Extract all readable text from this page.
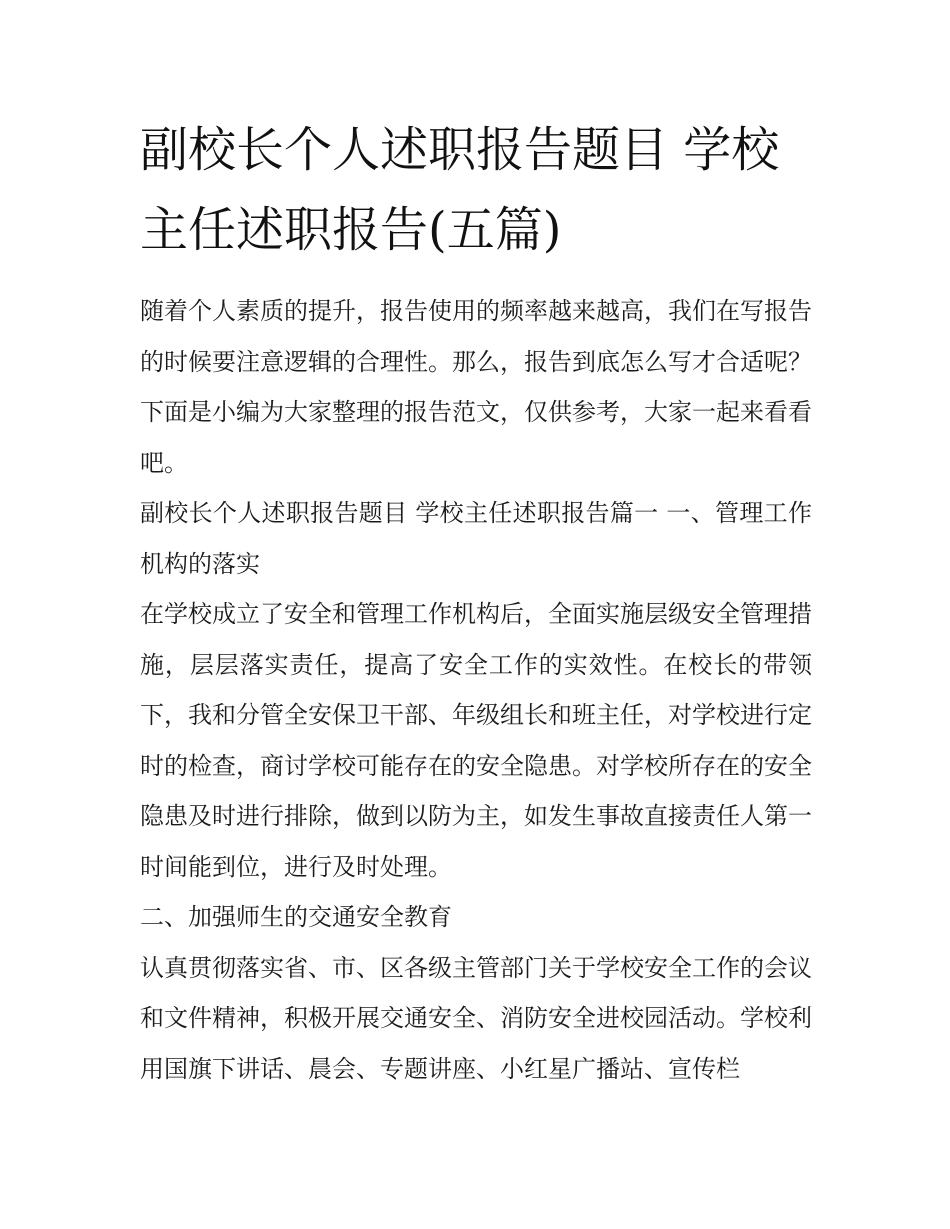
副校长个人述职报告题目 学校主任述职报告(五篇)

随着个人素质的提升，报告使用的频率越来越高，我们在写报告的时候要注意逻辑的合理性。那么，报告到底怎么写才合适呢？下面是小编为大家整理的报告范文，仅供参考，大家一起来看看吧。

副校长个人述职报告题目 学校主任述职报告篇一 一、管理工作机构的落实

在学校成立了安全和管理工作机构后，全面实施层级安全管理措施，层层落实责任，提高了安全工作的实效性。在校长的带领下，我和分管全安保卫干部、年级组长和班主任，对学校进行定时的检查，商讨学校可能存在的安全隐患。对学校所存在的安全隐患及时进行排除，做到以防为主，如发生事故直接责任人第一时间能到位，进行及时处理。

二、加强师生的交通安全教育

认真贯彻落实省、市、区各级主管部门关于学校安全工作的会议和文件精神，积极开展交通安全、消防安全进校园活动。学校利用国旗下讲话、晨会、专题讲座、小红星广播站、宣传栏
